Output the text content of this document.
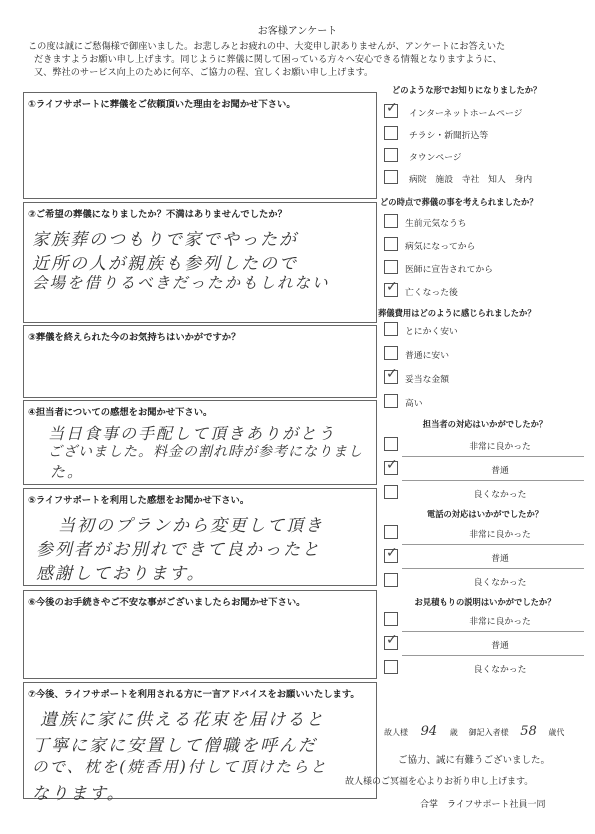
お客様アンケート
この度は誠にご愁傷様で御座いました。お悲しみとお疲れの中、大変申し訳ありませんが、アンケートにお答えいた
だきますようお願い申し上げます。同じように葬儀に関して困っている方々へ安心できる情報となりますように、
又、弊社のサービス向上のために何卒、ご協力の程、宜しくお願い申し上げます。
①ライフサポートに葬儀をご依頼頂いた理由をお聞かせ下さい。
②ご希望の葬儀になりましたか？不満はありませんでしたか？
家族葬のつもりで家でやったが
近所の人が親族も参列したので
会場を借りるべきだったかもしれない
③葬儀を終えられた今のお気持ちはいかがですか？
④担当者についての感想をお聞かせ下さい。
当日食事の手配して頂きありがとう
ございました。料金の割れ時が参考になりまし
た。
⑤ライフサポートを利用した感想をお聞かせ下さい。
当初のプランから変更して頂き
参列者がお別れできて良かったと
感謝しております。
⑥今後のお手続きやご不安な事がございましたらお聞かせ下さい。
⑦今後、ライフサポートを利用される方に一言アドバイスをお願いいたします。
遺族に家に供える花束を届けると
丁寧に家に安置して僧職を呼んだ
ので、枕を(焼香用)付して頂けたらと
なります。
どのような形でお知りになりましたか？
✓ インターネットホームページ
チラシ・新聞折込等
タウンページ
病院　施設　寺社　知人　身内
どの時点で葬儀の事を考えられましたか？
生前元気なうち
病気になってから
医師に宣告されてから
✓ 亡くなった後
葬儀費用はどのように感じられましたか？
とにかく安い
普通に安い
✓ 妥当な金額
高い
担当者の対応はいかがでしたか？
非常に良かった
✓	普通
良くなかった
電話の対応はいかがでしたか？
非常に良かった
✓	普通
良くなかった
お見積もりの説明はいかがでしたか？
非常に良かった
✓	普通
良くなかった
故人様 94 歳 御記入者様 58 歳代
ご協力、誠に有難うございました。
故人様のご冥福を心よりお祈り申し上げます。
合掌　ライフサポート社員一同
